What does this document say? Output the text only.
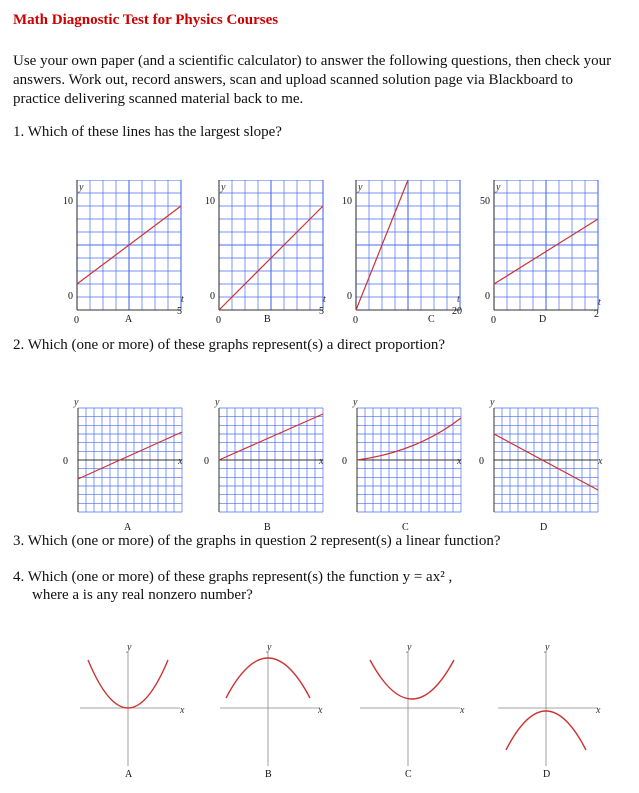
Math Diagnostic Test for Physics Courses
Use your own paper (and a scientific calculator) to answer the following questions, then check your
answers. Work out, record answers, scan and upload scanned solution page via Blackboard to
practice delivering scanned material back to me.
1. Which of these lines has the largest slope?
y
10
0
0
5
t
A
y
10
0
0
5
t
B
y
10
0
0
20
t
C
y
50
0
0
2
t
D
2. Which (one or more) of these graphs represent(s) a direct proportion?
y
0	x
A
y
0	x
B
y
0	x
C
y
0	x
D
3. Which (one or more) of the graphs in question 2 represent(s) a linear function?
4. Which (one or more) of these graphs represent(s) the function y = ax² ,
where a is any real nonzero number?
y
x
A
y
x
B
y
x
C
y
x
D
